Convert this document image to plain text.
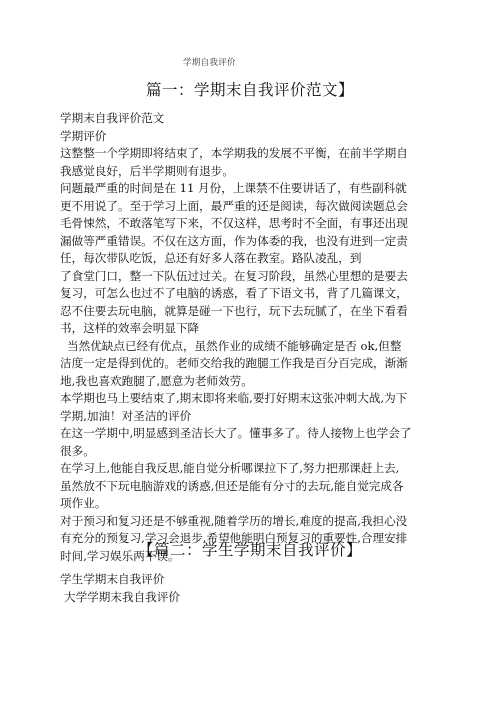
学期自我评价
篇一：学期末自我评价范文】
学期末自我评价范文
学期评价
这整整一个学期即将结束了，本学期我的发展不平衡，在前半学期自
我感觉良好，后半学期则有退步。
问题最严重的时间是在 11 月份，上课禁不住要讲话了，有些副科就
更不用说了。至于学习上面，最严重的还是阅读，每次做阅读题总会
毛骨悚然，不敢落笔写下来，不仅这样，思考时不全面，有事还出现
漏做等严重错误。不仅在这方面，作为体委的我，也没有进到一定责
任，每次带队吃饭，总还有好多人落在教室。路队凌乱，到
了食堂门口，整一下队伍过过关。在复习阶段，虽然心里想的是要去
复习，可怎么也过不了电脑的诱惑，看了下语文书，背了几篇课文，
忍不住要去玩电脑，就算是碰一下也行，玩下去玩腻了，在坐下看看
书，这样的效率会明显下降
当然优缺点已经有优点，虽然作业的成绩不能够确定是否 ok,但整
洁度一定是得到优的。老师交给我的跑腿工作我是百分百完成，渐渐
地,我也喜欢跑腿了,愿意为老师效劳。
本学期也马上要结束了,期末即将来临,要打好期末这张冲刺大战,为下
学期,加油！对圣洁的评价
在这一学期中,明显感到圣洁长大了。懂事多了。待人接物上也学会了
很多。
在学习上,他能自我反思,能自觉分析哪课拉下了,努力把那课赶上去,
虽然放不下玩电脑游戏的诱惑,但还是能有分寸的去玩,能自觉完成各
项作业。
对于预习和复习还是不够重视,随着学历的增长,难度的提高,我担心没
有充分的预复习,学习会退步,希望他能明白预复习的重要性,合理安排
时间,学习娱乐两不误。
【篇二：学生学期末自我评价】
学生学期末自我评价
大学学期末我自我评价
